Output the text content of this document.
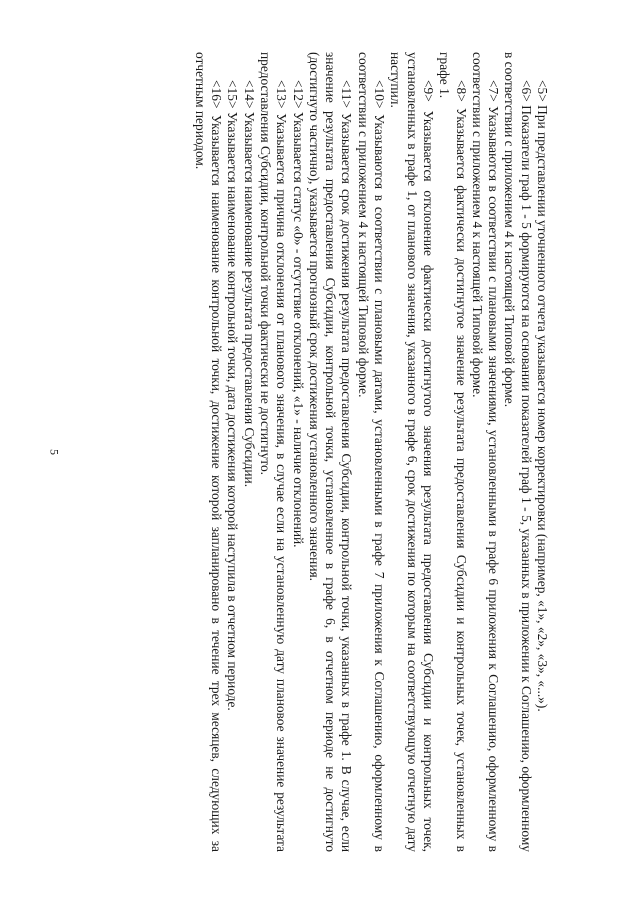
5	<5> При представлении уточненного отчета указывается номер корректировки (например, «1», «2», «3», «...»).

<6> Показатели граф 1 - 5 формируются на основании показателей граф 1 - 5, указанных в приложении к Соглашению, оформленному в соответствии с приложением 4 к настоящей Типовой форме.

<7> Указываются в соответствии с плановыми значениями, установленными в графе 6 приложения к Соглашению, оформленному в соответствии с приложением 4 к настоящей Типовой форме.

<8> Указывается фактически достигнутое значение результата предоставления Субсидии и контрольных точек, установленных в графе 1.

<9> Указывается отклонение фактически достигнутого значения результата предоставления Субсидии и контрольных точек, установленных в графе 1, от планового значения, указанного в графе 6, срок достижения по которым на соответствующую отчетную дату наступил.

<10> Указываются в соответствии с плановыми датами, установленными в графе 7 приложения к Соглашению, оформленному в соответствии с приложением 4 к настоящей Типовой форме.

<11> Указывается срок достижения результата предоставления Субсидии, контрольной точки, указанных в графе 1. В случае, если значение результата предоставления Субсидии, контрольной точки, установленное в графе 6, в отчетном периоде не достигнуто (достигнуто частично), указывается прогнозный срок достижения установленного значения.

<12> Указывается статус «0» - отсутствие отклонений, «1» - наличие отклонений.

<13> Указывается причина отклонения от планового значения, в случае если на установленную дату плановое значение результата предоставления Субсидии, контрольной точки фактически не достигнуто.

<14> Указывается наименование результата предоставления Субсидии.

<15> Указывается наименование контрольной точки, дата достижения которой наступила в отчетном периоде.

<16> Указывается наименование контрольной точки, достижение которой запланировано в течение трех месяцев, следующих за отчетным периодом.
